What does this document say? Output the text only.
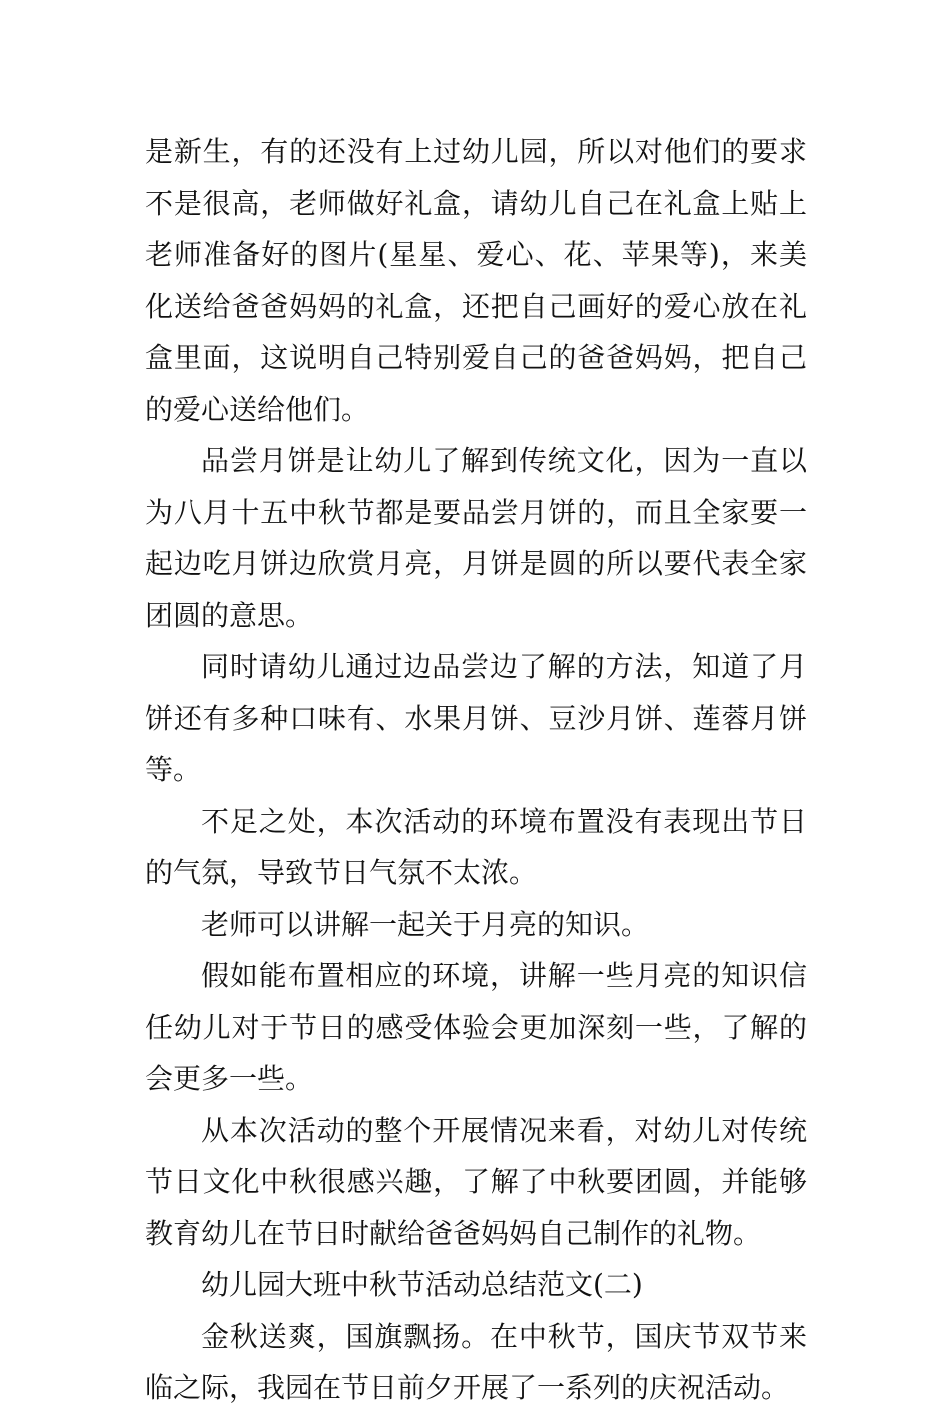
是新生，有的还没有上过幼儿园，所以对他们的要求不是很高，老师做好礼盒，请幼儿自己在礼盒上贴上老师准备好的图片(星星、爱心、花、苹果等)，来美化送给爸爸妈妈的礼盒，还把自己画好的爱心放在礼盒里面，这说明自己特别爱自己的爸爸妈妈，把自己的爱心送给他们。

品尝月饼是让幼儿了解到传统文化，因为一直以为八月十五中秋节都是要品尝月饼的，而且全家要一起边吃月饼边欣赏月亮，月饼是圆的所以要代表全家团圆的意思。

同时请幼儿通过边品尝边了解的方法，知道了月饼还有多种口味有、水果月饼、豆沙月饼、莲蓉月饼等。

不足之处，本次活动的环境布置没有表现出节日的气氛，导致节日气氛不太浓。

老师可以讲解一起关于月亮的知识。

假如能布置相应的环境，讲解一些月亮的知识信任幼儿对于节日的感受体验会更加深刻一些，了解的会更多一些。

从本次活动的整个开展情况来看，对幼儿对传统节日文化中秋很感兴趣，了解了中秋要团圆，并能够教育幼儿在节日时献给爸爸妈妈自己制作的礼物。

幼儿园大班中秋节活动总结范文(二)

金秋送爽，国旗飘扬。在中秋节，国庆节双节来临之际，我园在节日前夕开展了一系列的庆祝活动。
